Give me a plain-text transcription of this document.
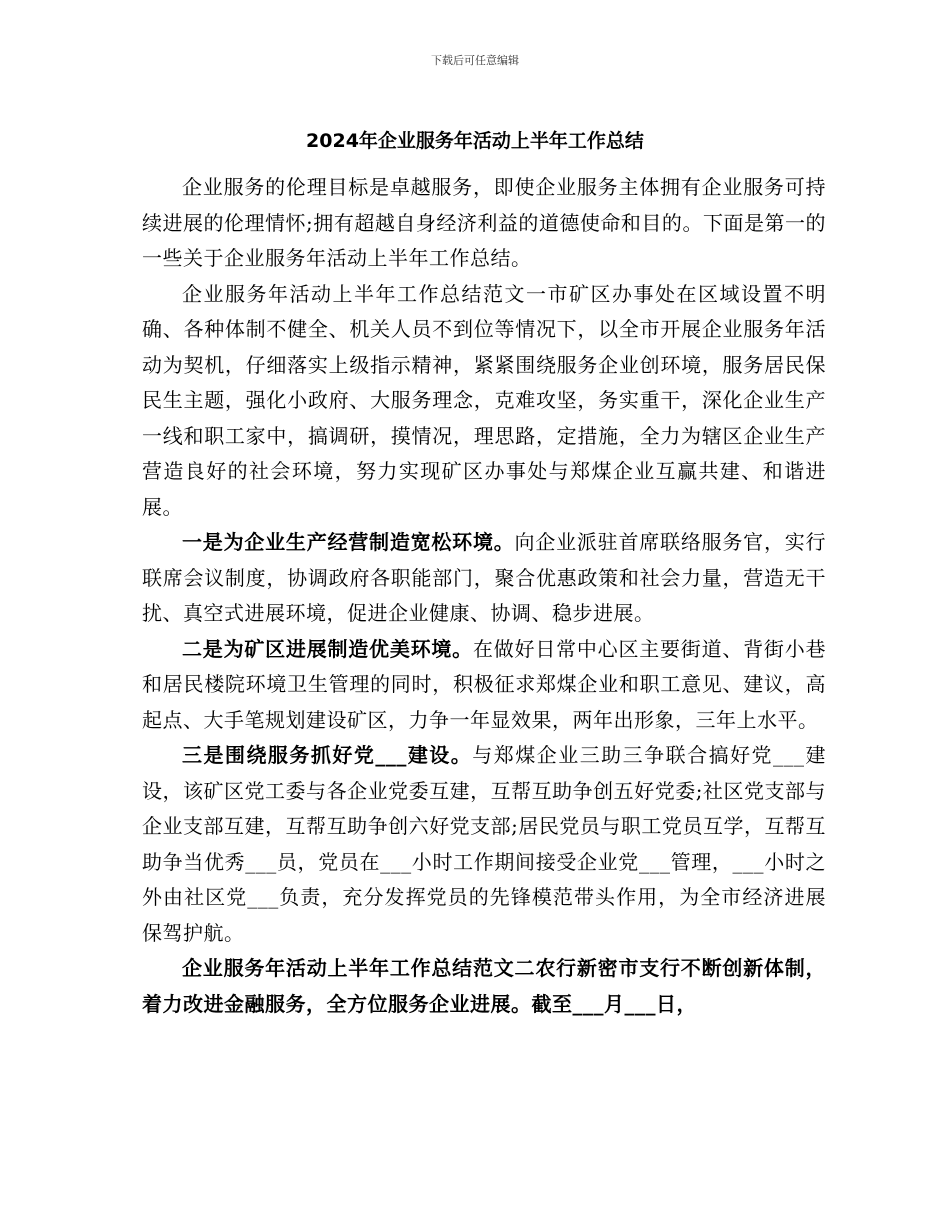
下载后可任意编辑
2024年企业服务年活动上半年工作总结

企业服务的伦理目标是卓越服务，即使企业服务主体拥有企业服务可持续进展的伦理情怀;拥有超越自身经济利益的道德使命和目的。下面是第一的一些关于企业服务年活动上半年工作总结。

企业服务年活动上半年工作总结范文一市矿区办事处在区域设置不明确、各种体制不健全、机关人员不到位等情况下，以全市开展企业服务年活动为契机，仔细落实上级指示精神，紧紧围绕服务企业创环境，服务居民保民生主题，强化小政府、大服务理念，克难攻坚，务实重干，深化企业生产一线和职工家中，搞调研，摸情况，理思路，定措施，全力为辖区企业生产营造良好的社会环境，努力实现矿区办事处与郑煤企业互赢共建、和谐进展。

一是为企业生产经营制造宽松环境。向企业派驻首席联络服务官，实行联席会议制度，协调政府各职能部门，聚合优惠政策和社会力量，营造无干扰、真空式进展环境，促进企业健康、协调、稳步进展。

二是为矿区进展制造优美环境。在做好日常中心区主要街道、背街小巷和居民楼院环境卫生管理的同时，积极征求郑煤企业和职工意见、建议，高起点、大手笔规划建设矿区，力争一年显效果，两年出形象，三年上水平。

三是围绕服务抓好党___建设。与郑煤企业三助三争联合搞好党___建设，该矿区党工委与各企业党委互建，互帮互助争创五好党委;社区党支部与企业支部互建，互帮互助争创六好党支部;居民党员与职工党员互学，互帮互助争当优秀___员，党员在___小时工作期间接受企业党___管理，___小时之外由社区党___负责，充分发挥党员的先锋模范带头作用，为全市经济进展保驾护航。

企业服务年活动上半年工作总结范文二农行新密市支行不断创新体制，着力改进金融服务，全方位服务企业进展。截至___月___日，
